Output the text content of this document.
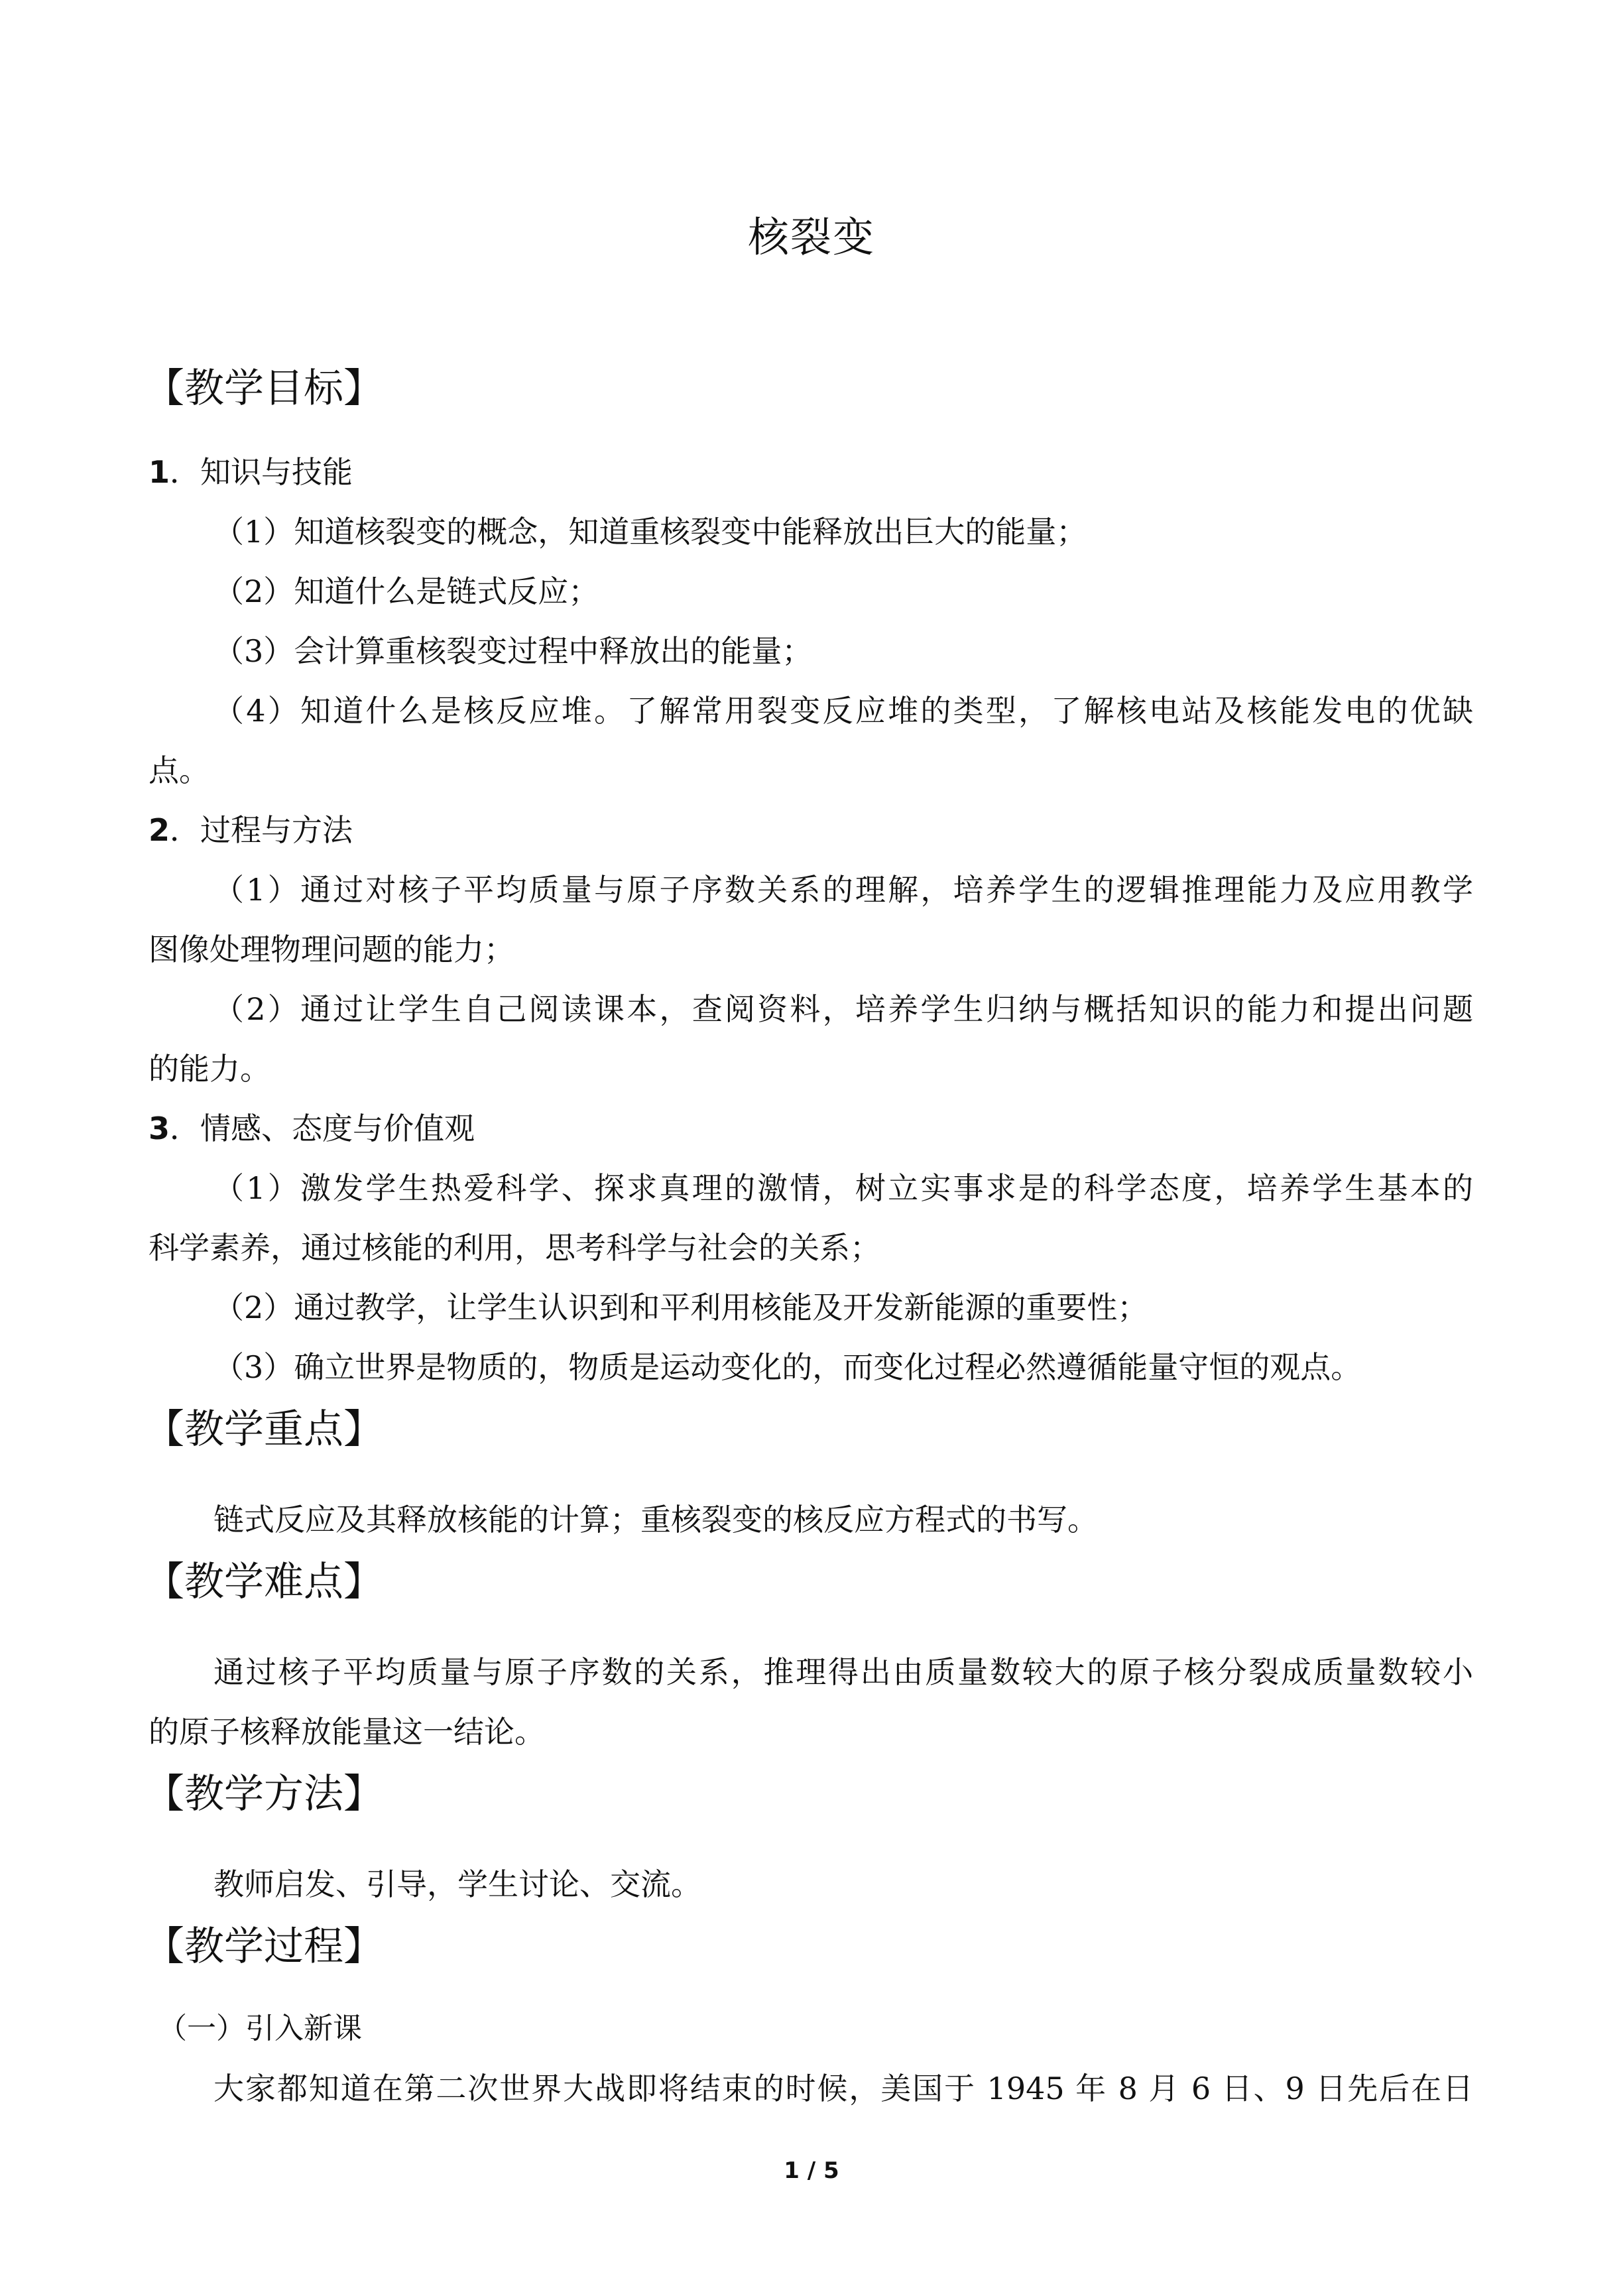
核裂变
【教学目标】
1．知识与技能
（1）知道核裂变的概念，知道重核裂变中能释放出巨大的能量；
（2）知道什么是链式反应；
（3）会计算重核裂变过程中释放出的能量；
（4）知道什么是核反应堆。了解常用裂变反应堆的类型，了解核电站及核能发电的优缺
点。
2．过程与方法
（1）通过对核子平均质量与原子序数关系的理解，培养学生的逻辑推理能力及应用教学
图像处理物理问题的能力；
（2）通过让学生自己阅读课本，查阅资料，培养学生归纳与概括知识的能力和提出问题
的能力。
3．情感、态度与价值观
（1）激发学生热爱科学、探求真理的激情，树立实事求是的科学态度，培养学生基本的
科学素养，通过核能的利用，思考科学与社会的关系；
（2）通过教学，让学生认识到和平利用核能及开发新能源的重要性；
（3）确立世界是物质的，物质是运动变化的，而变化过程必然遵循能量守恒的观点。
【教学重点】
链式反应及其释放核能的计算；重核裂变的核反应方程式的书写。
【教学难点】
通过核子平均质量与原子序数的关系，推理得出由质量数较大的原子核分裂成质量数较小
的原子核释放能量这一结论。
【教学方法】
教师启发、引导，学生讨论、交流。
【教学过程】
（一）引入新课
大家都知道在第二次世界大战即将结束的时候，美国于 1945 年 8 月 6 日、9 日先后在日
1 / 5
